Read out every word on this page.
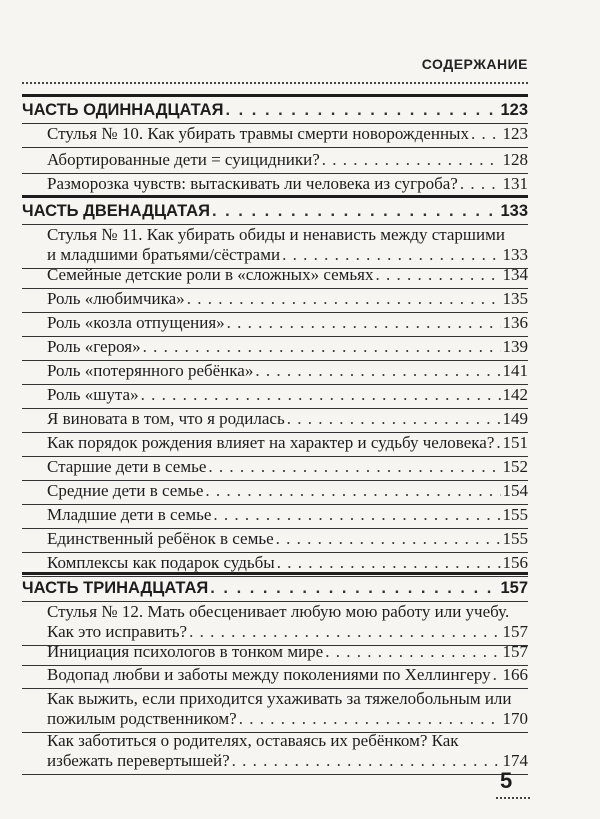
СОДЕРЖАНИЕ
ЧАСТЬ ОДИННАДЦАТАЯ . . .	123
Стулья № 10. Как убирать травмы смерти новорожденных . . . 123
Абортированные дети = суицидники? . . .	128
Разморозка чувств: вытаскивать ли человека из сугроба? . . .	131
ЧАСТЬ ДВЕНАДЦАТАЯ . . .	133
Стулья № 11. Как убирать обиды и ненависть между старшими
и младшими братьями/сёстрами . . .	133
Семейные детские роли в «сложных» семьях . . .	134
Роль «любимчика» . . .	135
Роль «козла отпущения» . . .	136
Роль «героя» . . .	139
Роль «потерянного ребёнка» . . .	141
Роль «шута» . . .	142
Я виновата в том, что я родилась . . .	149
Как порядок рождения влияет на характер и судьбу человека? . . . 151
Старшие дети в семье . . .	152
Средние дети в семье . . .	154
Младшие дети в семье . . .	155
Единственный ребёнок в семье . . .	155
Комплексы как подарок судьбы . . .	156
ЧАСТЬ ТРИНАДЦАТАЯ . . .	157
Стулья № 12. Мать обесценивает любую мою работу или учебу.
Как это исправить? . . .	157
Инициация психологов в тонком мире . . .	157
Водопад любви и заботы между поколениями по Хеллингеру . . . 166
Как выжить, если приходится ухаживать за тяжелобольным или
пожилым родственником? . . .	170
Как заботиться о родителях, оставаясь их ребёнком? Как
избежать перевертышей? . . .	174
5
